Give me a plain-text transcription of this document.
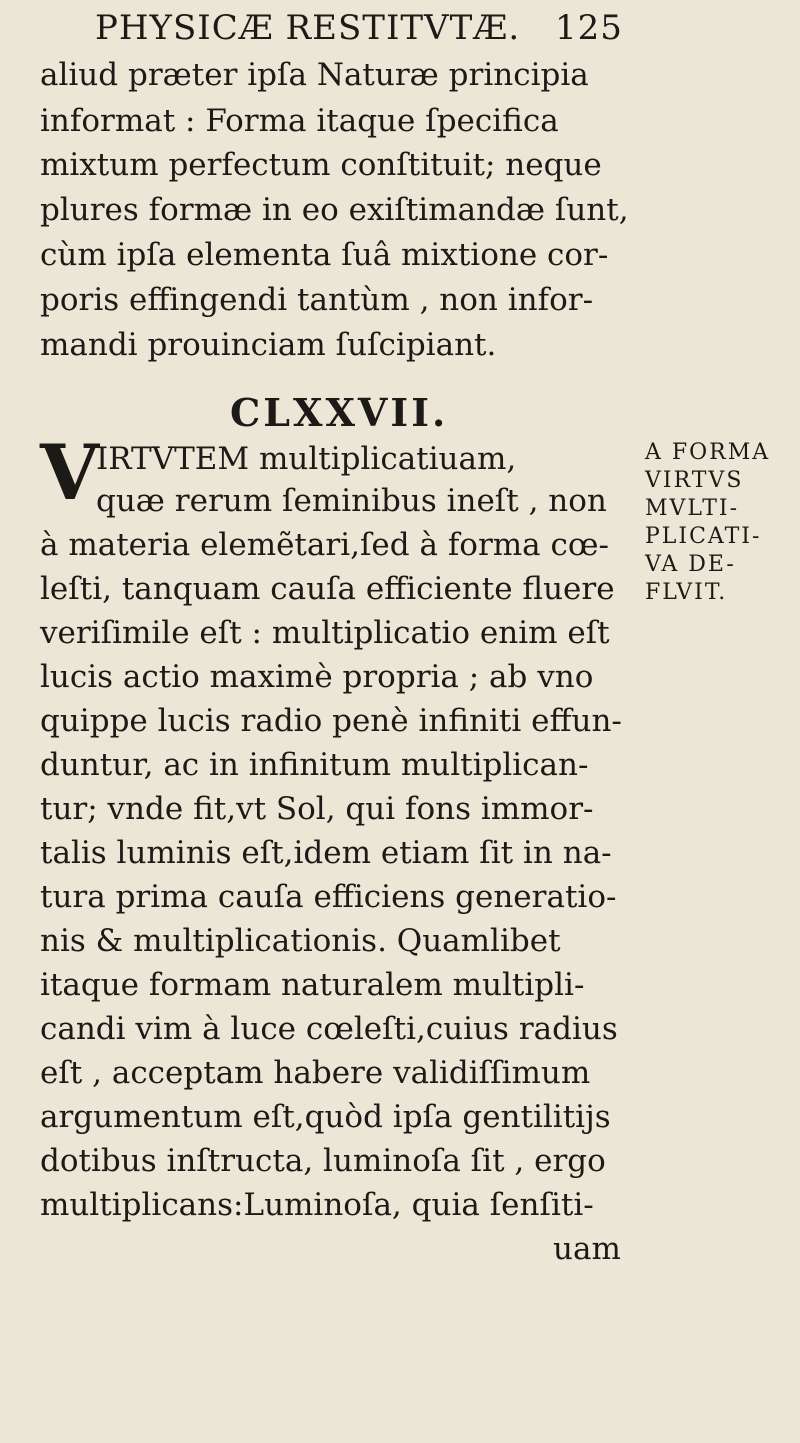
PHYSICÆ RESTITVTÆ. 125
aliud præter ipſa Naturæ principia
informat : Forma itaque ſpecifica
mixtum perfectum conſtituit; neque
plures formæ in eo exiſtimandæ ſunt,
cùm ipſa elementa ſuâ mixtione cor-
poris effingendi tantùm , non infor-
mandi prouinciam ſuſcipiant.
CLXXVII.
V
IRTVTEM multiplicatiuam,
quæ rerum ſeminibus ineſt , non
à materia elemẽtari,ſed à forma cœ-
leſti, tanquam cauſa efficiente fluere
veriſimile eſt : multiplicatio enim eſt
lucis actio maximè propria ; ab vno
quippe lucis radio penè infiniti effun-
duntur, ac in infinitum multiplican-
tur; vnde fit,vt Sol, qui fons immor-
talis luminis eſt,idem etiam ſit in na-
tura prima cauſa efficiens generatio-
nis & multiplicationis. Quamlibet
itaque formam naturalem multipli-
candi vim à luce cœleſti,cuius radius
eſt , acceptam habere validiſſimum
argumentum eſt,quòd ipſa gentilitijs
dotibus inſtructa, luminoſa ſit , ergo
multiplicans:Luminoſa, quia ſenſiti-
uam
A FORMA
VIRTVS
MVLTI-
PLICATI-
VA DE-
FLVIT.
